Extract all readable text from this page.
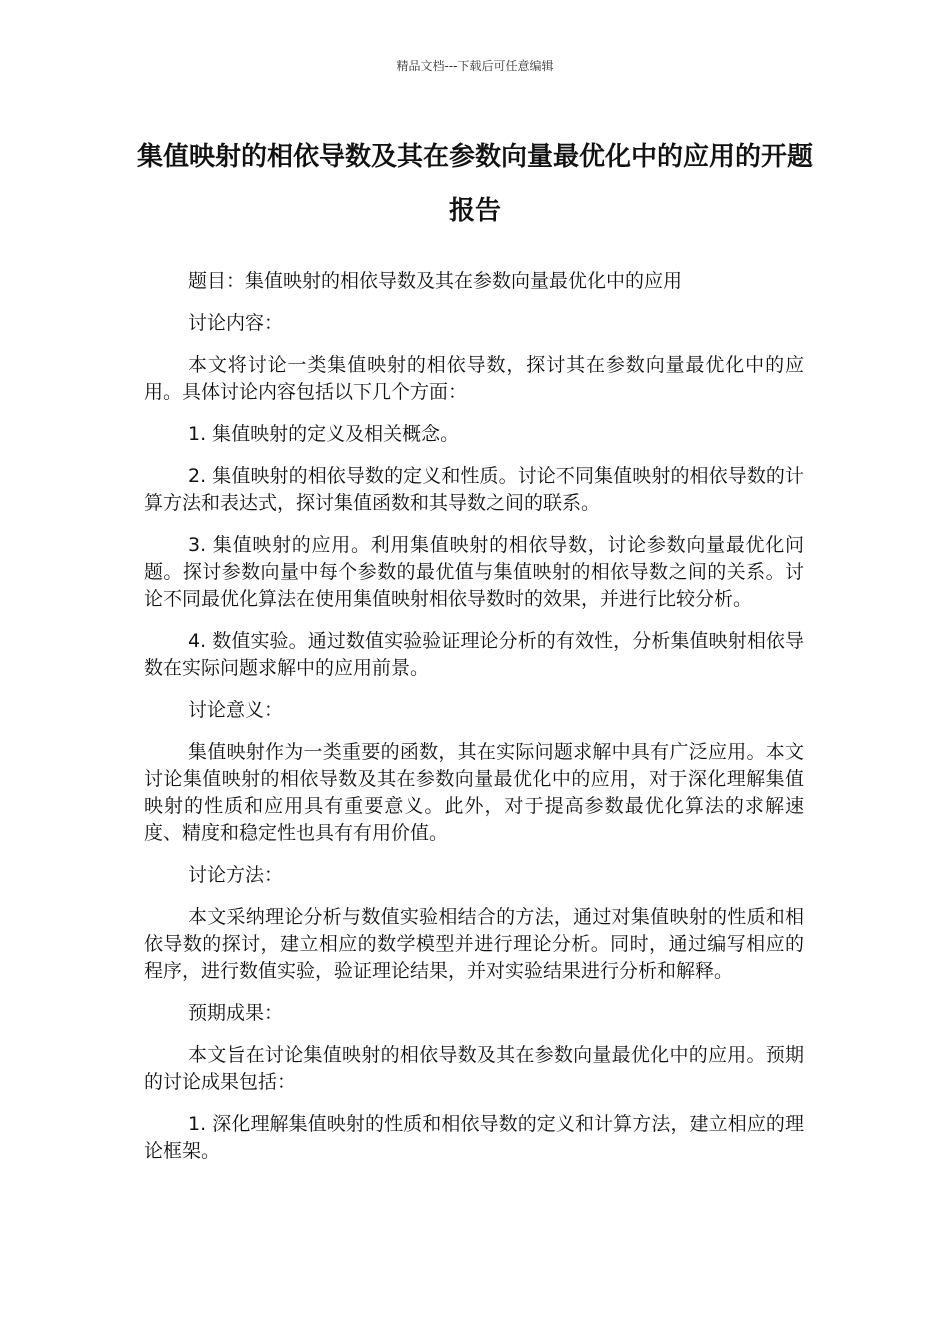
精品文档---下载后可任意编辑
集值映射的相依导数及其在参数向量最优化中的应用的开题报告

题目：集值映射的相依导数及其在参数向量最优化中的应用

讨论内容：

本文将讨论一类集值映射的相依导数，探讨其在参数向量最优化中的应用。具体讨论内容包括以下几个方面：

1. 集值映射的定义及相关概念。

2. 集值映射的相依导数的定义和性质。讨论不同集值映射的相依导数的计算方法和表达式，探讨集值函数和其导数之间的联系。

3. 集值映射的应用。利用集值映射的相依导数，讨论参数向量最优化问题。探讨参数向量中每个参数的最优值与集值映射的相依导数之间的关系。讨论不同最优化算法在使用集值映射相依导数时的效果，并进行比较分析。

4. 数值实验。通过数值实验验证理论分析的有效性，分析集值映射相依导数在实际问题求解中的应用前景。

讨论意义：

集值映射作为一类重要的函数，其在实际问题求解中具有广泛应用。本文讨论集值映射的相依导数及其在参数向量最优化中的应用，对于深化理解集值映射的性质和应用具有重要意义。此外，对于提高参数最优化算法的求解速度、精度和稳定性也具有有用价值。

讨论方法：

本文采纳理论分析与数值实验相结合的方法，通过对集值映射的性质和相依导数的探讨，建立相应的数学模型并进行理论分析。同时，通过编写相应的程序，进行数值实验，验证理论结果，并对实验结果进行分析和解释。

预期成果：

本文旨在讨论集值映射的相依导数及其在参数向量最优化中的应用。预期的讨论成果包括：

1. 深化理解集值映射的性质和相依导数的定义和计算方法，建立相应的理论框架。
